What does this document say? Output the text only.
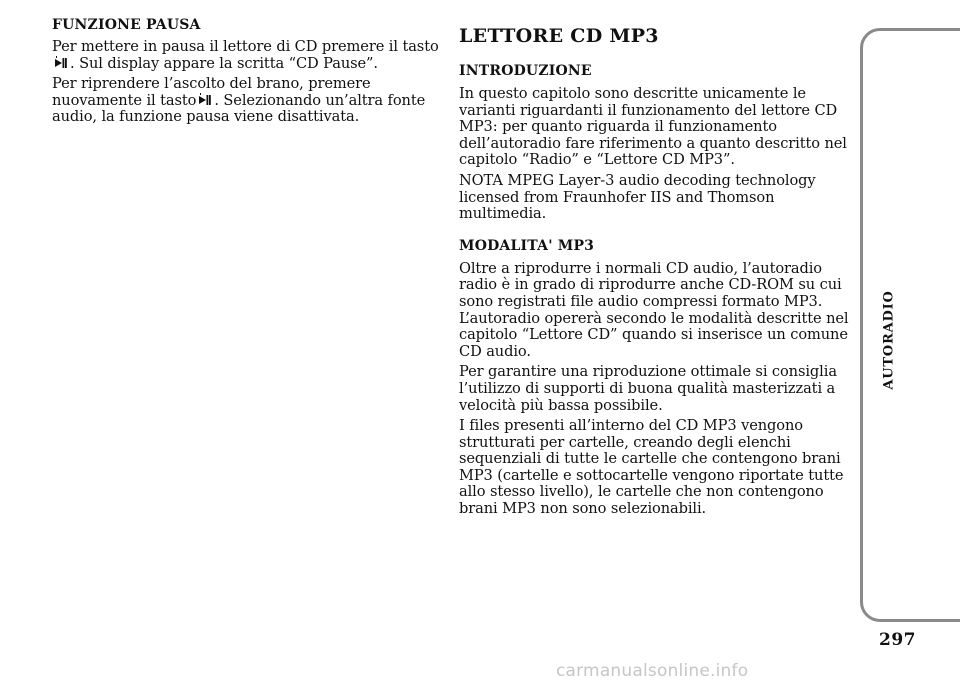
FUNZIONE PAUSA

Per mettere in pausa il lettore di CD premere il tasto. Sul display appare la scritta “CD Pause”.

Per riprendere l’ascolto del brano, premere nuovamente il tasto . Selezionando un’altra fonte audio, la funzione pausa viene disattivata.

LETTORE CD MP3
INTRODUZIONE

In questo capitolo sono descritte unicamente le varianti riguardanti il funzionamento del lettore CD MP3: per quanto riguarda il funzionamento dell’autoradio fare riferimento a quanto descritto nel capitolo “Radio” e “Lettore CD MP3”.

NOTA MPEG Layer-3 audio decoding technology licensed from Fraunhofer IIS and Thomson multimedia.

MODALITA' MP3

Oltre a riprodurre i normali CD audio, l’autoradio radio è in grado di riprodurre anche CD-ROM su cui sono registrati file audio compressi formato MP3. L’autoradio opererà secondo le modalità descritte nel capitolo “Lettore CD” quando si inserisce un comune CD audio.

Per garantire una riproduzione ottimale si consiglia l’utilizzo di supporti di buona qualità masterizzati a velocità più bassa possibile.

I files presenti all’interno del CD MP3 vengono strutturati per cartelle, creando degli elenchi sequenziali di tutte le cartelle che contengono brani MP3 (cartelle e sottocartelle vengono riportate tutte allo stesso livello), le cartelle che non contengono brani MP3 non sono selezionabili.

AUTORADIO
297
carmanualsonline.info
